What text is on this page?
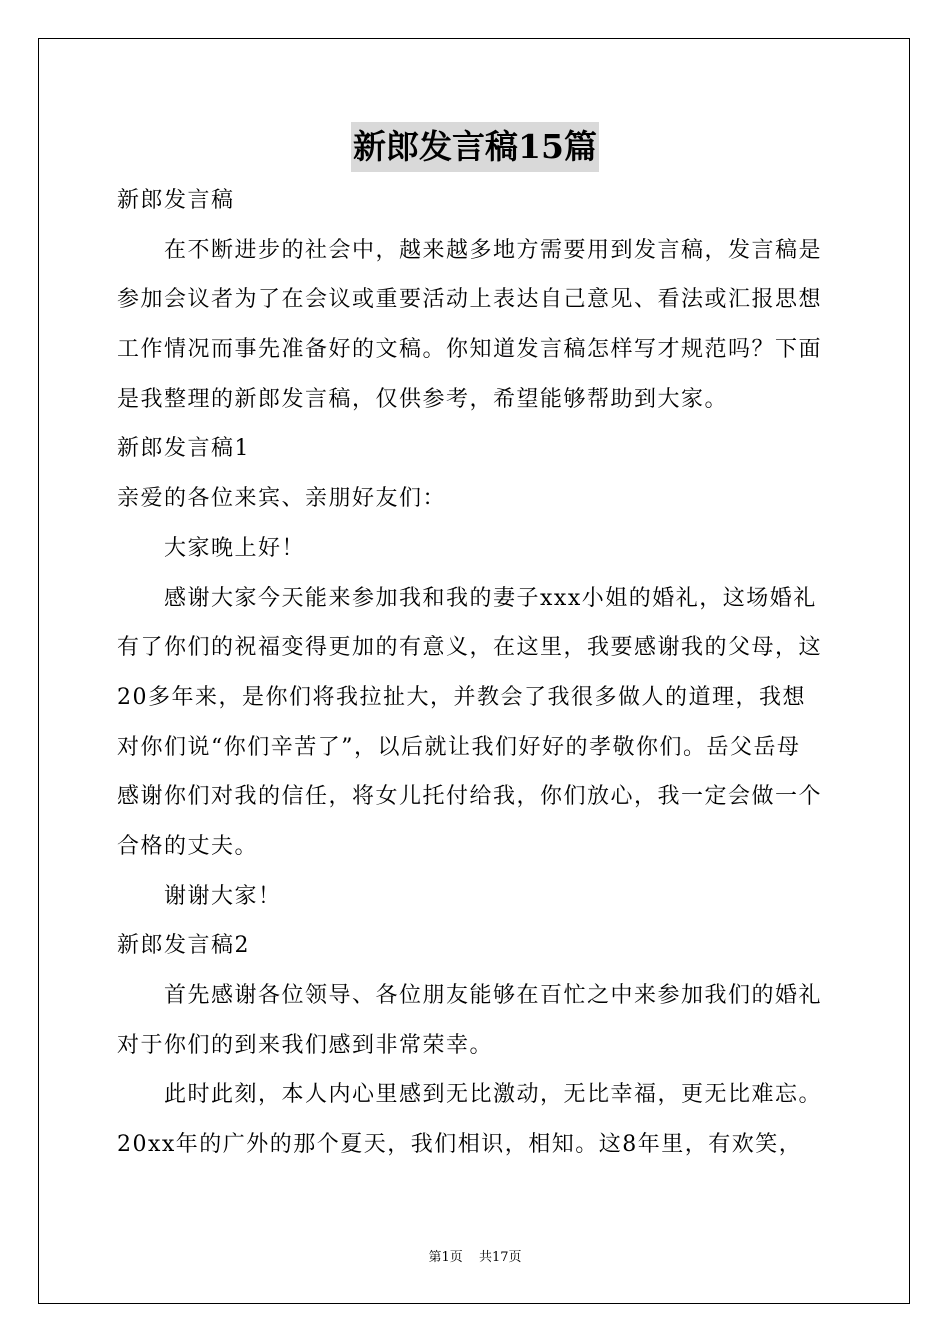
新郎发言稿15篇
新郎发言稿
在不断进步的社会中，越来越多地方需要用到发言稿，发言稿是
参加会议者为了在会议或重要活动上表达自己意见、看法或汇报思想
工作情况而事先准备好的文稿。你知道发言稿怎样写才规范吗？下面
是我整理的新郎发言稿，仅供参考，希望能够帮助到大家。
新郎发言稿1
亲爱的各位来宾、亲朋好友们：
大家晚上好！
感谢大家今天能来参加我和我的妻子xxx小姐的婚礼，这场婚礼
有了你们的祝福变得更加的有意义，在这里，我要感谢我的父母，这
20多年来，是你们将我拉扯大，并教会了我很多做人的道理，我想
对你们说“你们辛苦了”，以后就让我们好好的孝敬你们。岳父岳母
感谢你们对我的信任，将女儿托付给我，你们放心，我一定会做一个
合格的丈夫。
谢谢大家！
新郎发言稿2
首先感谢各位领导、各位朋友能够在百忙之中来参加我们的婚礼
对于你们的到来我们感到非常荣幸。
此时此刻，本人内心里感到无比激动，无比幸福，更无比难忘。
20xx年的广外的那个夏天，我们相识，相知。这8年里，有欢笑，
第1页 共17页
